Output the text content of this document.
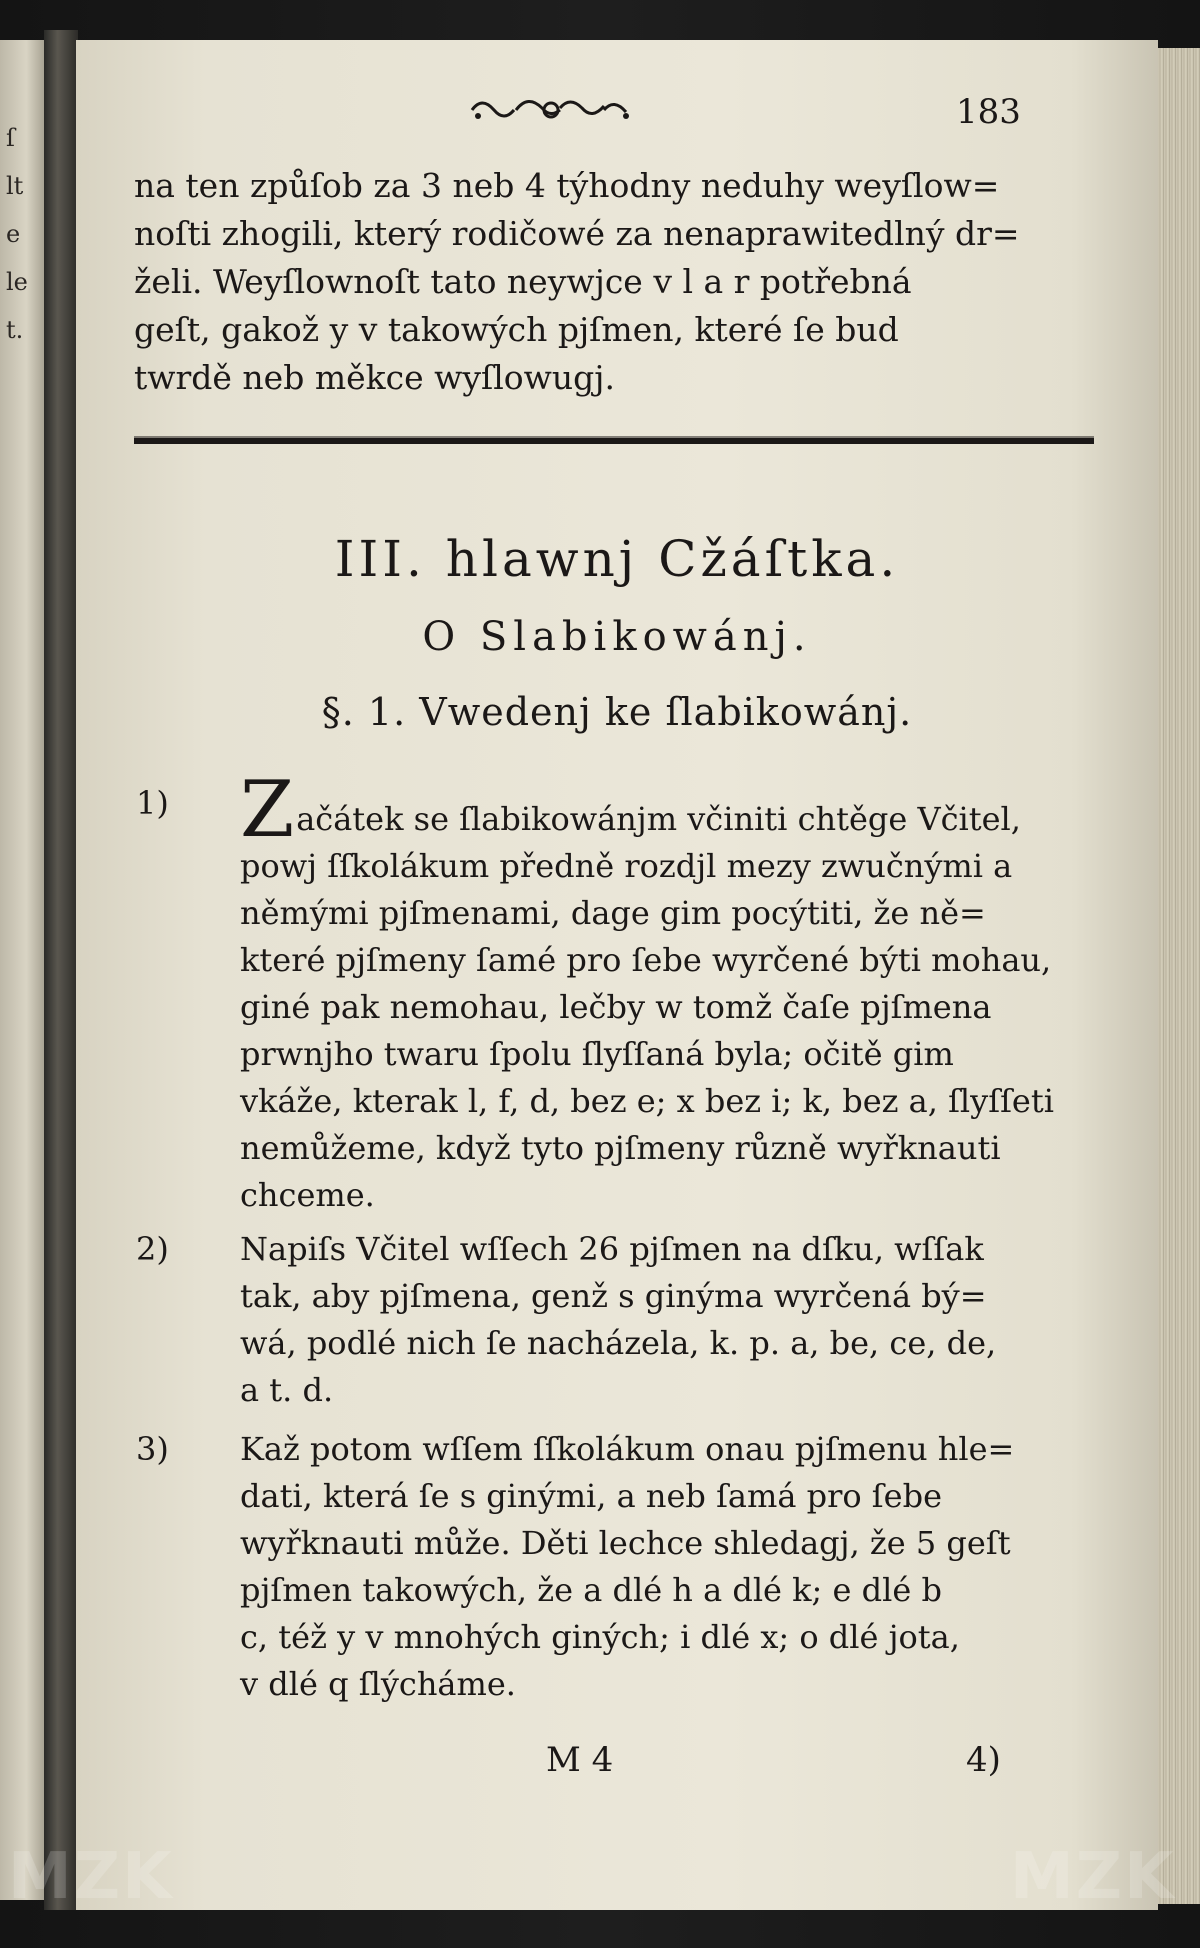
ſ
lt
e
le
t.
183
na ten způſob za 3 neb 4 týhodny neduhy weyſlow=
noſti zhogili, který rodičowé za nenaprawitedlný dr=
želi. Weyſlownoſt tato neywjce v l a r potřebná
geſt, gakož y v takowých pjſmen, které ſe bud
twrdě neb měkce wyſlowugj.
III. hlawnj Cžáſtka.
O Slabikowánj.
§. 1. Vwedenj ke ſlabikowánj.
1) Začátek se ſlabikowánjm včiniti chtěge Včitel,
powj ſſkolákum předně rozdjl mezy zwučnými a
němými pjſmenami, dage gim pocýtiti, že ně=
které pjſmeny ſamé pro ſebe wyrčené býti mohau,
giné pak nemohau, lečby w tomž čaſe pjſmena
prwnjho twaru ſpolu ſlyſſaná byla; očitě gim
vkáže, kterak l, f, d, bez e; x bez i; k, bez a, ſlyſſeti
nemůžeme, když tyto pjſmeny různě wyřknauti
chceme.
2) Napiſs Včitel wſſech 26 pjſmen na dſku, wſſak
tak, aby pjſmena, genž s ginýma wyrčená bý=
wá, podlé nich ſe nacházela, k. p. a, be, ce, de,
a t. d.
3) Kaž potom wſſem ſſkolákum onau pjſmenu hle=
dati, která ſe s ginými, a neb ſamá pro ſebe
wyřknauti může. Děti lechce shledagj, že 5 geſt
pjſmen takowých, že a dlé h a dlé k; e dlé b
c, též y v mnohých giných; i dlé x; o dlé jota,
v dlé q ſlýcháme.
M 4	4)
MZK	MZK
